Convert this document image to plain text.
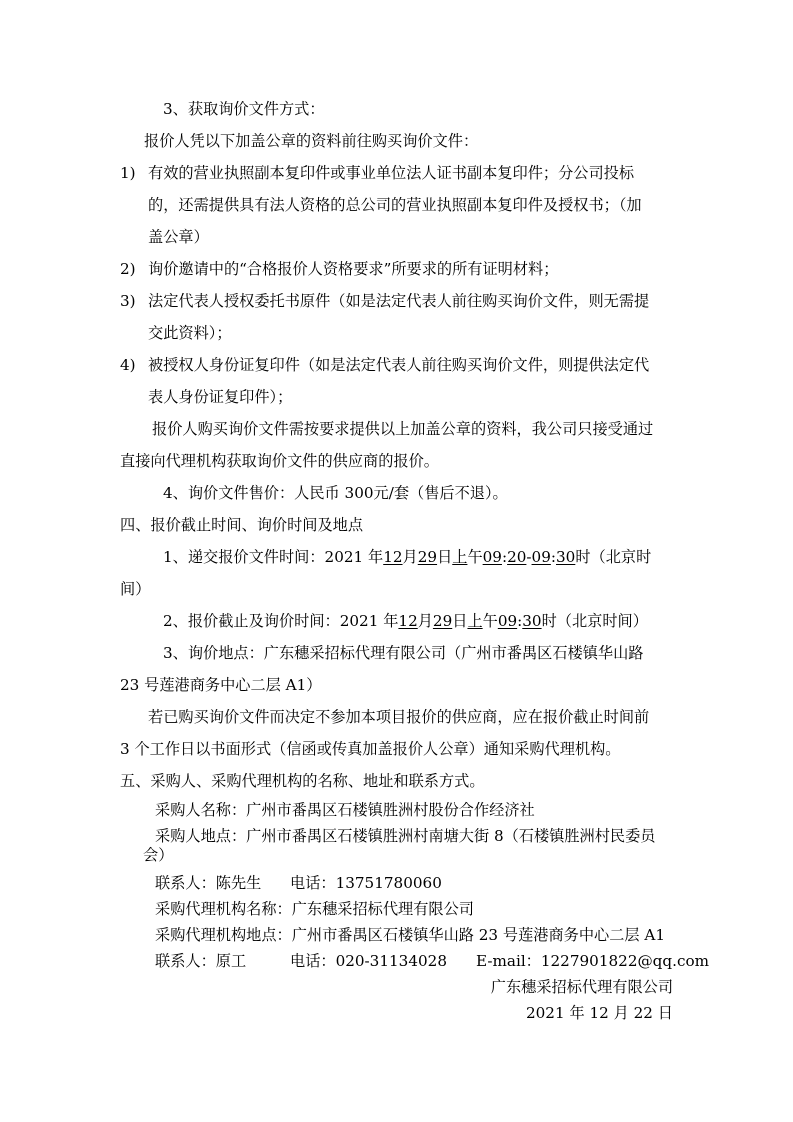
3、获取询价文件方式：
报价人凭以下加盖公章的资料前往购买询价文件：
1) 有效的营业执照副本复印件或事业单位法人证书副本复印件；分公司投标
的，还需提供具有法人资格的总公司的营业执照副本复印件及授权书；（加
盖公章）
2) 询价邀请中的“合格报价人资格要求”所要求的所有证明材料；
3) 法定代表人授权委托书原件（如是法定代表人前往购买询价文件，则无需提
交此资料）；
4) 被授权人身份证复印件（如是法定代表人前往购买询价文件，则提供法定代
表人身份证复印件）；
报价人购买询价文件需按要求提供以上加盖公章的资料，我公司只接受通过
直接向代理机构获取询价文件的供应商的报价。
4、询价文件售价：人民币 300元/套（售后不退）。
四、报价截止时间、询价时间及地点
1、递交报价文件时间：2021 年12月29日上午09:20-09:30时（北京时
间）
2、报价截止及询价时间：2021 年12月29日上午09:30时（北京时间）
3、询价地点：广东穗采招标代理有限公司（广州市番禺区石楼镇华山路
23 号莲港商务中心二层 A1）
若已购买询价文件而决定不参加本项目报价的供应商，应在报价截止时间前
3 个工作日以书面形式（信函或传真加盖报价人公章）通知采购代理机构。
五、采购人、采购代理机构的名称、地址和联系方式。
采购人名称：广州市番禺区石楼镇胜洲村股份合作经济社
采购人地点：广州市番禺区石楼镇胜洲村南塘大街 8（石楼镇胜洲村民委员
会）
联系人：陈先生 电话：13751780060
采购代理机构名称：广东穗采招标代理有限公司
采购代理机构地点：广州市番禺区石楼镇华山路 23 号莲港商务中心二层 A1
联系人：原工	电话：020-31134028 E-mail：1227901822@qq.com
广东穗采招标代理有限公司
2021 年 12 月 22 日
